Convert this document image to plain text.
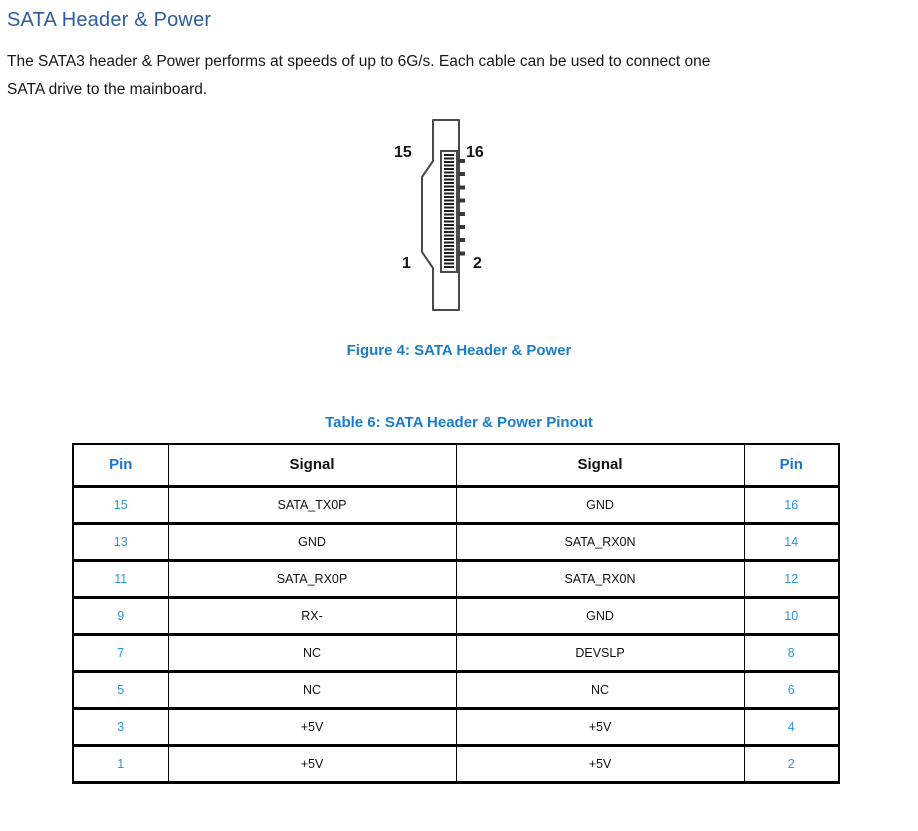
SATA Header & Power

The SATA3 header & Power performs at speeds of up to 6G/s. Each cable can be used to connect one
SATA drive to the mainboard.

15	16
1	2
Figure 4: SATA Header & Power
Table 6: SATA Header & Power Pinout
Pin	Signal	Signal	Pin
15	SATA_TX0P	GND	16
13	GND	SATA_RX0N	14
11	SATA_RX0P	SATA_RX0N	12
9	RX-	GND	10
7	NC	DEVSLP	8
5	NC	NC	6
3	+5V	+5V	4
1	+5V	+5V	2
